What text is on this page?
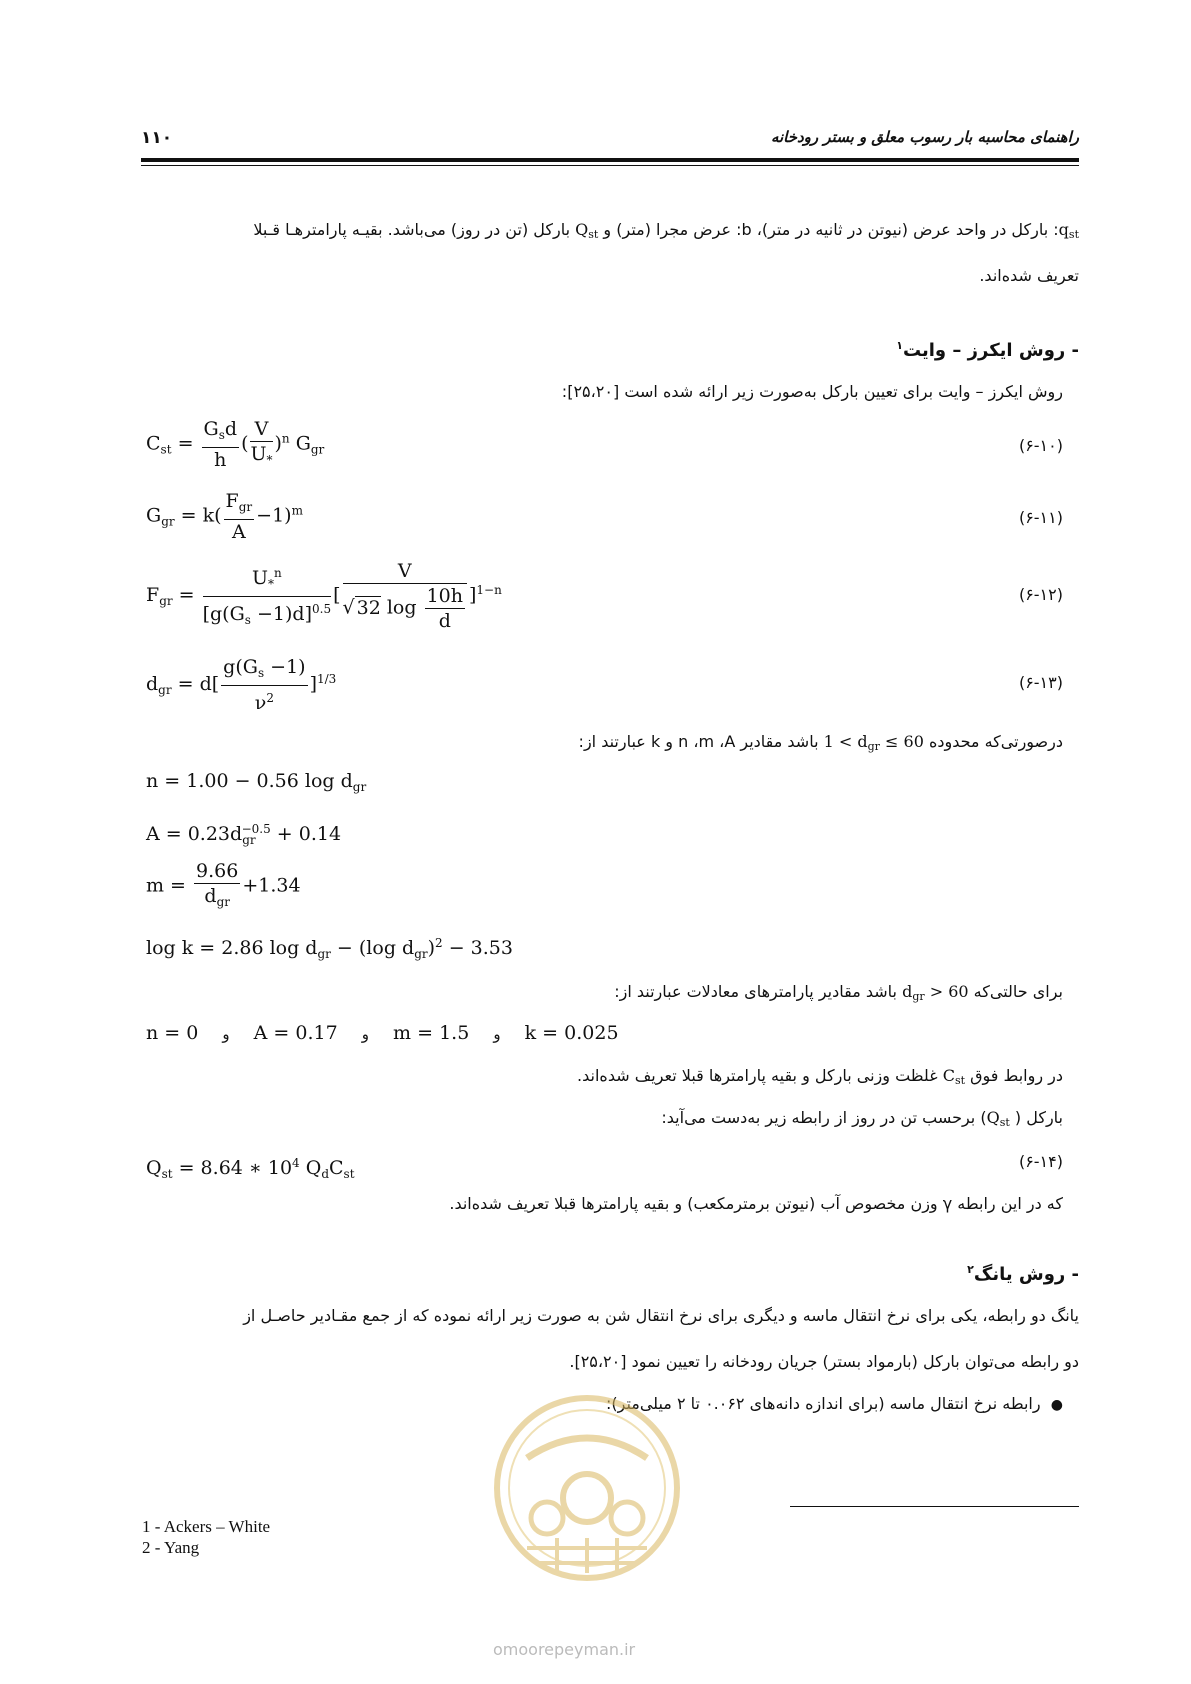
۱۱۰	راهنمای محاسبه بار رسوب معلق و بستر رودخانه
$q_{st}$: بارکل در واحد عرض (نیوتن در ثانیه در متر)، b: عرض مجرا (متر) و $Q_{st}$ بارکل (تن در روز) می‌باشد. بقیـه پارامترهـا قـبلا
تعریف شده‌اند.
- روش ایکرز – وایت$^۱$
روش ایکرز – وایت برای تعیین بارکل به‌صورت زیر ارائه شده است [۲۵،۲۰]:
$C_{st} = \frac{G_sd}{h}$ ( $\frac{V}{U_*} )^n$ $G_{gr}$	(۶-۱۰)
$G_{gr} = k( \frac{F_{gr}}{A} -1)^m$	(۶-۱۱)
$F_{gr} = \frac{U_*^n}{[g(G_s -1)d]^{0.5}}$ [ $\frac{V}{√ 32 \log \frac{10h}{d}} ]^{1-n}$	(۶-۱۲)
$d_{gr} = d[ \frac{g(G_s -1)}{\nu^2} ]^{1/3}$	(۶-۱۳)
درصورتی‌که محدوده $1 < d_{gr} \le 60$ باشد مقادیر n ،m ،A و k عبارتند از:
n = 1.00 − 0.56 $\log d_{gr}$
$A = 0.23d_{gr}^{-0.5} + 0.14$
$m = \frac{9.66}{d_{gr}} +1.34$
log k = 2.86 $\log d_{gr} - (\log$ $d_{gr})^2 - 3.53$
برای حالتی‌که $d_{gr} > 60$ باشد مقادیر پارامترهای معادلات عبارتند از:
n = 0 و A = 0.17 و m = 1.5 و k = 0.025
در روابط فوق $C_{st}$ غلظت وزنی بارکل و بقیه پارامترها قبلا تعریف شده‌اند.
بارکل ( $Q_{st}$) برحسب تن در روز از رابطه زیر به‌دست می‌آید:
$Q_{st} = 8.64$ ∗ $10^4$ $Q_dC_{st}$
(۶-۱۴)
که در این رابطه γ وزن مخصوص آب (نیوتن برمترمکعب) و بقیه پارامترها قبلا تعریف شده‌اند.
- روش یانگ$^۲$
یانگ دو رابطه، یکی برای نرخ انتقال ماسه و دیگری برای نرخ انتقال شن به صورت زیر ارائه نموده که از جمع مقـادیر حاصـل از
دو رابطه می‌توان بارکل (بارمواد بستر) جریان رودخانه را تعیین نمود [۲۵،۲۰].
●  رابطه نرخ انتقال ماسه (برای اندازه دانه‌های ۰.۰۶۲ تا ۲ میلی‌متر):
omoorepeyman.ir
1 - Ackers – White
2 - Yang
